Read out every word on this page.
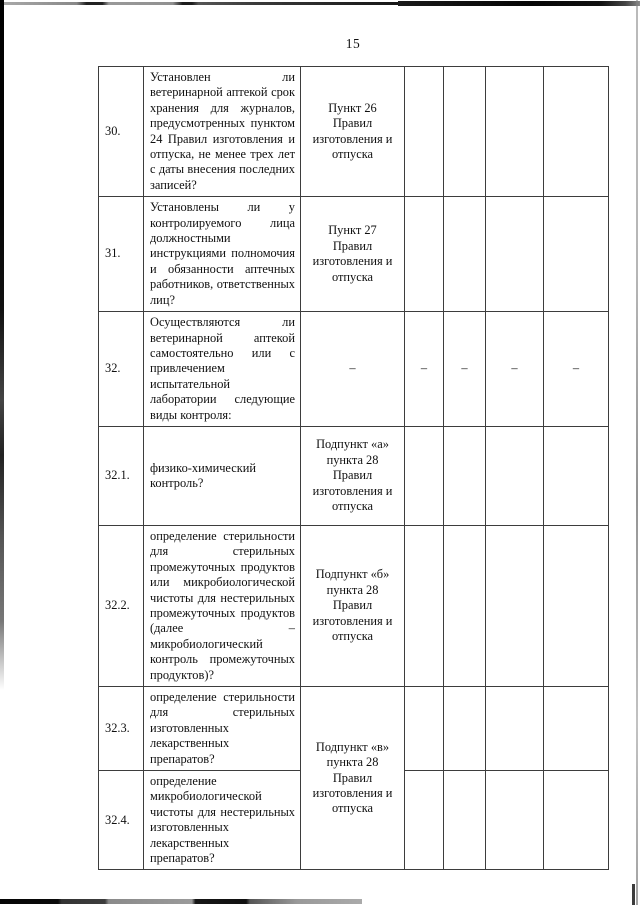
15
30.	Установлен ли ветеринарной аптекой срок хранения для журналов, предусмотренных пунктом 24 Правил изготовления и отпуска, не менее трех лет с даты внесения последних записей?	Пункт 26
Правил
изготовления и
отпуска				
31.	Установлены ли у контролируемого лица должностными инструкциями полномочия и обязанности аптечных работников, ответственных лиц?	Пункт 27
Правил
изготовления и
отпуска				
32.	Осуществляются ли ветеринарной аптекой самостоятельно или с привлечением испытательной лаборатории следующие виды контроля:	–	–	–	–	–
32.1.	физико-химический контроль?	Подпункт «а»
пункта 28
Правил
изготовления и
отпуска				
32.2.	определение стерильности для стерильных промежуточных продуктов или микробиологической чистоты для нестерильных промежуточных продуктов (далее – микробиологический контроль промежуточных продуктов)?	Подпункт «б»
пункта 28
Правил
изготовления и
отпуска				
32.3.	определение стерильности для стерильных изготовленных лекарственных препаратов?	Подпункт «в»
пункта 28
Правил
изготовления и
отпуска				
32.4.	определение микробиологической чистоты для нестерильных изготовленных лекарственных препаратов?					
